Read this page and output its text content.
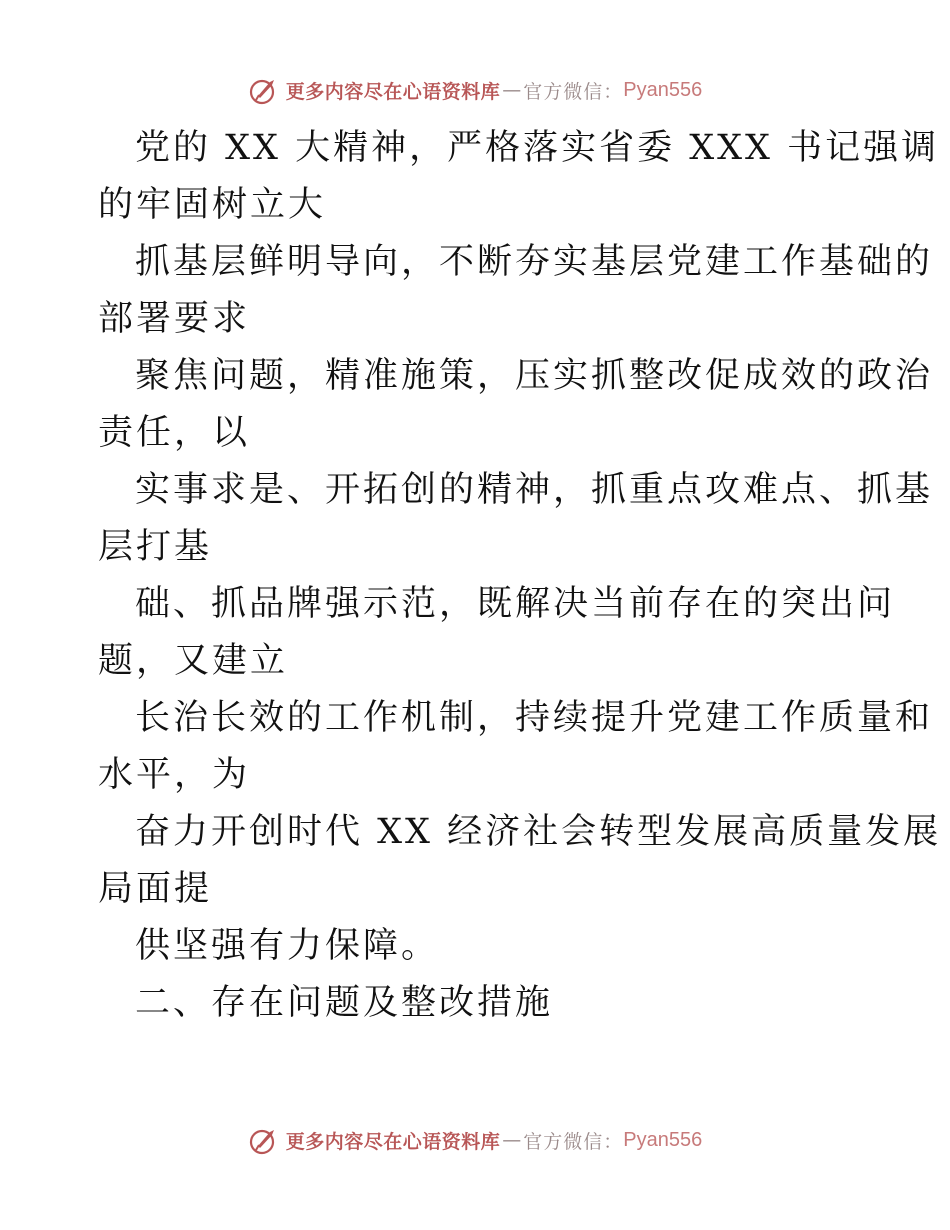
更多内容尽在心语资料库 — 官方微信： Pyan556
党的 XX 大精神，严格落实省委 XXX 书记强调
的牢固树立大
抓基层鲜明导向，不断夯实基层党建工作基础的
部署要求
聚焦问题，精准施策，压实抓整改促成效的政治
责任，以
实事求是、开拓创的精神，抓重点攻难点、抓基
层打基
础、抓品牌强示范，既解决当前存在的突出问
题，又建立
长治长效的工作机制，持续提升党建工作质量和
水平，为
奋力开创时代 XX 经济社会转型发展高质量发展
局面提
供坚强有力保障。
二、存在问题及整改措施
更多内容尽在心语资料库 — 官方微信： Pyan556
